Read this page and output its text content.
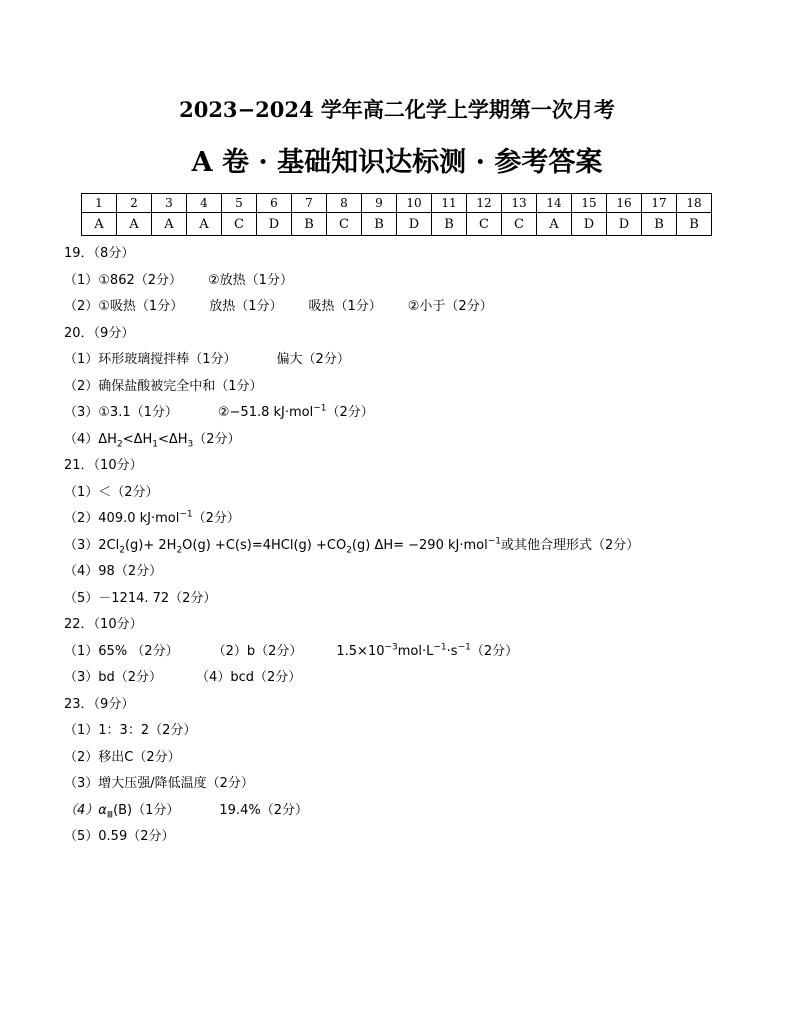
2023−2024 学年高二化学上学期第一次月考
A 卷 · 基础知识达标测 · 参考答案
1	2	3	4	5	6	7	8	9	10	11	12	13	14	15	16	17	18
A	A	A	A	C	D	B	C	B	D	B	C	C	A	D	D	B	B
19．（8分）
（1）①862（2分） ②放热（1分）
（2）①吸热（1分） 放热（1分） 吸热（1分） ②小于（2分）
20．（9分）
（1）环形玻璃搅拌棒（1分）	偏大（2分）
（2）确保盐酸被完全中和（1分）
（3）①3.1（1分）	②−51.8 kJ·mol$^{-1}$（2分）
$(4)\Delta H_2<\Delta H_1<\Delta H_3(2$分）
21．（10分）
（1）＜（2分）
（2）409.0 kJ·mol$^{-1}$（2分）
$(3)2Cl_2(g)+ 2H_2O(g) +C(s)=4HCl(g) +CO_2(g)$ ΔH= −290 kJ·mol$^{-1}$或其他合理形式（2分）
（4）98（2分）
（5）－1214. 72（2分）
22．（10分）
（1）65% （2分）	（2）b（2分）	$1.5\times 10^{-3}mol\cdot L^{-1}\cdot s^{-1}(2$分）
（3）bd（2分）	（4）bcd（2分）
23．（9分）
（1）1：3：2（2分）
（2）移出C（2分）
（3）增大压强/降低温度（2分）
$(4)\alpha_Ⅲ(B)(1$分）	19.4%（2分）
（5）0.59（2分）
